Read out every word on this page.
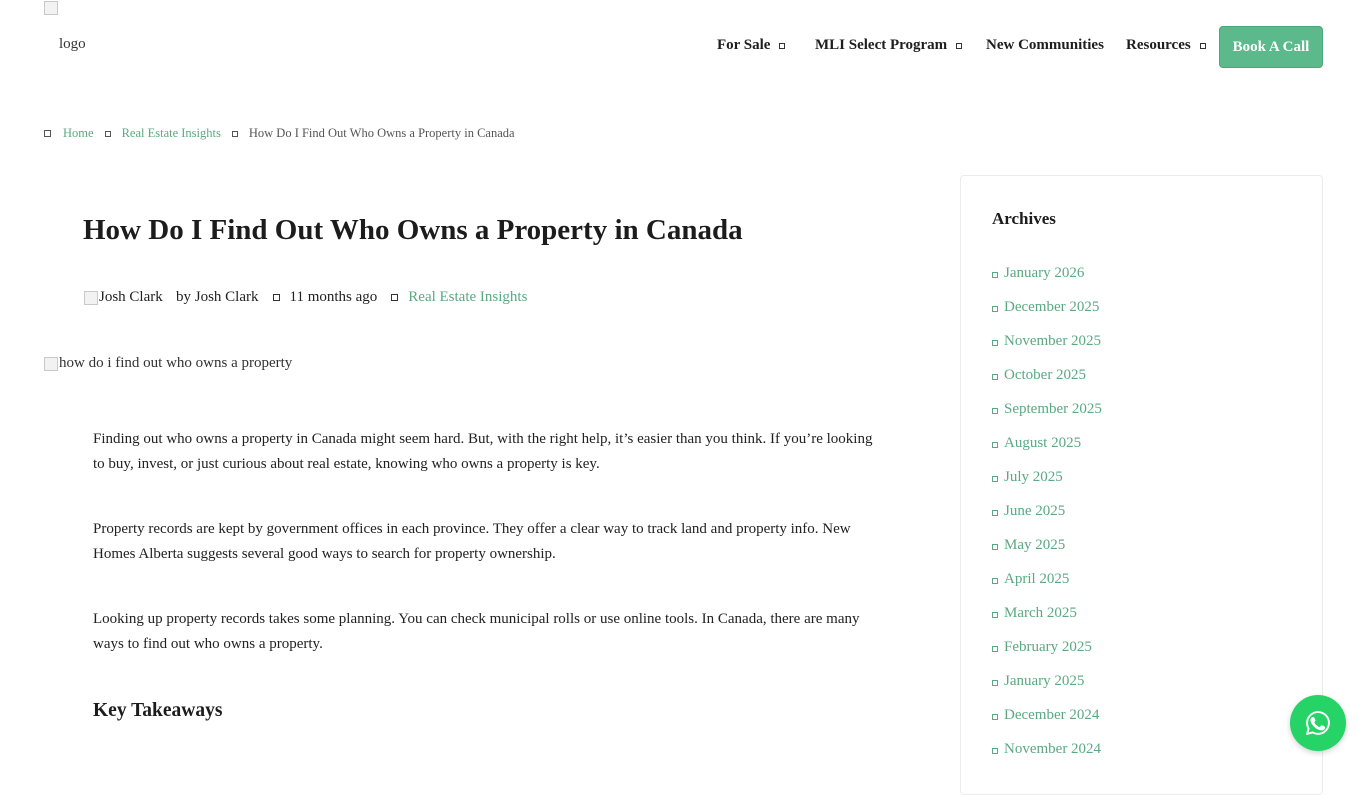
logo	For Sale	MLI Select Program	New Communities Resources	Book A Call
Home Real Estate Insights How Do I Find Out Who Owns a Property in Canada
How Do I Find Out Who Owns a Property in Canada
Josh Clark by Josh Clark 11 months ago Real Estate Insights
how do i find out who owns a property

Finding out who owns a property in Canada might seem hard. But, with the right help, it’s easier than you think. If you’re looking to buy, invest, or just curious about real estate, knowing who owns a property is key.

Property records are kept by government offices in each province. They offer a clear way to track land and property info. New Homes Alberta suggests several good ways to search for property ownership.

Looking up property records takes some planning. You can check municipal rolls or use online tools. In Canada, there are many ways to find out who owns a property.

Key Takeaways
Archives
January 2026
December 2025
November 2025
October 2025
September 2025
August 2025
July 2025
June 2025
May 2025
April 2025
March 2025
February 2025
January 2025
December 2024
November 2024
